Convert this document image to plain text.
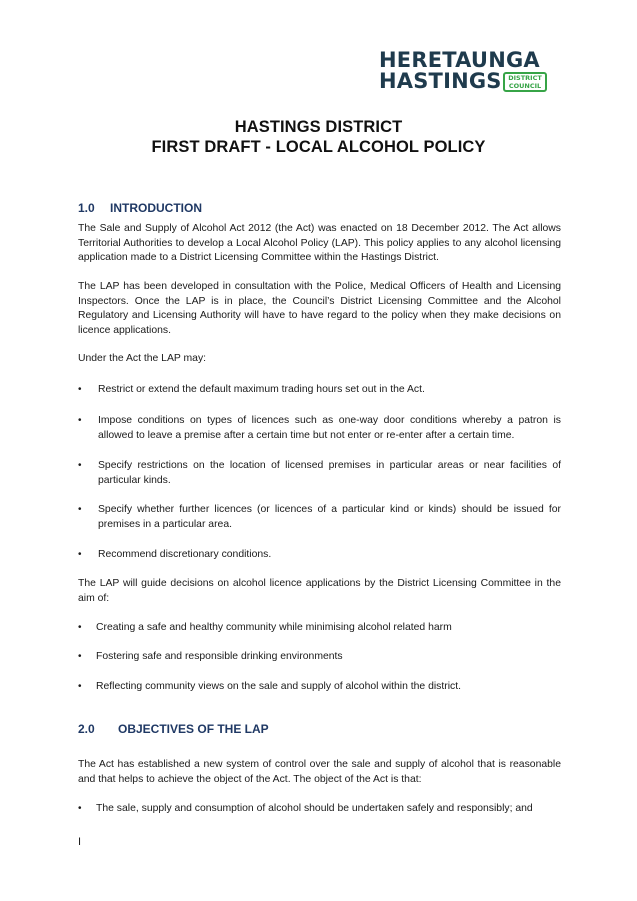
HERETAUNGA
HASTINGS	DISTRICT
COUNCIL
HASTINGS DISTRICT
FIRST DRAFT - LOCAL ALCOHOL POLICY
1.0 INTRODUCTION
The Sale and Supply of Alcohol Act 2012 (the Act) was enacted on 18 December 2012. The Act allows Territorial Authorities to develop a Local Alcohol Policy (LAP). This policy applies to any alcohol licensing application made to a District Licensing Committee within the Hastings District.
The LAP has been developed in consultation with the Police, Medical Officers of Health and Licensing Inspectors. Once the LAP is in place, the Council’s District Licensing Committee and the Alcohol Regulatory and Licensing Authority will have to have regard to the policy when they make decisions on licence applications.
Under the Act the LAP may:
• Restrict or extend the default maximum trading hours set out in the Act.
• Impose conditions on types of licences such as one-way door conditions whereby a patron is allowed to leave a premise after a certain time but not enter or re-enter after a certain time.
• Specify restrictions on the location of licensed premises in particular areas or near facilities of particular kinds.
• Specify whether further licences (or licences of a particular kind or kinds) should be issued for premises in a particular area.
• Recommend discretionary conditions.
The LAP will guide decisions on alcohol licence applications by the District Licensing Committee in the aim of:
• Creating a safe and healthy community while minimising alcohol related harm
• Fostering safe and responsible drinking environments
• Reflecting community views on the sale and supply of alcohol within the district.
2.0 OBJECTIVES OF THE LAP
The Act has established a new system of control over the sale and supply of alcohol that is reasonable and that helps to achieve the object of the Act. The object of the Act is that:
• The sale, supply and consumption of alcohol should be undertaken safely and responsibly; and
I
